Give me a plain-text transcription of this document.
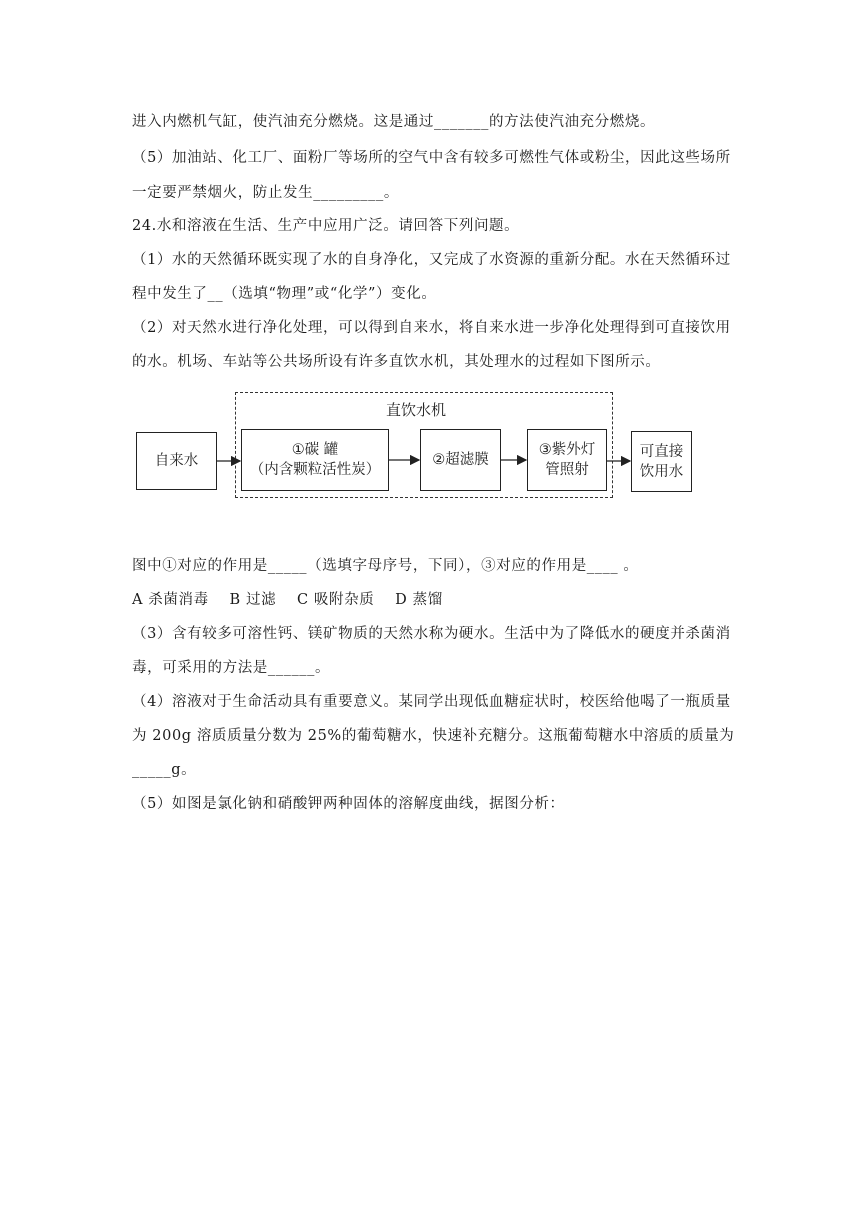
进入内燃机气缸，使汽油充分燃烧。这是通过_______的方法使汽油充分燃烧。
（5）加油站、化工厂、面粉厂等场所的空气中含有较多可燃性气体或粉尘，因此这些场所
一定要严禁烟火，防止发生_________。
24.水和溶液在生活、生产中应用广泛。请回答下列问题。
（1）水的天然循环既实现了水的自身净化，又完成了水资源的重新分配。水在天然循环过
程中发生了__（选填“物理”或“化学”）变化。
（2）对天然水进行净化处理，可以得到自来水，将自来水进一步净化处理得到可直接饮用
的水。机场、车站等公共场所设有许多直饮水机，其处理水的过程如下图所示。
直饮水机
自来水
①碳 罐
（内含颗粒活性炭）
②超滤膜
③紫外灯
管照射
可直接
饮用水
图中①对应的作用是_____（选填字母序号，下同），③对应的作用是____ 。
A 杀菌消毒    B 过滤    C 吸附杂质    D 蒸馏
（3）含有较多可溶性钙、镁矿物质的天然水称为硬水。生活中为了降低水的硬度并杀菌消
毒，可采用的方法是______。
（4）溶液对于生命活动具有重要意义。某同学出现低血糖症状时，校医给他喝了一瓶质量
为 200g 溶质质量分数为 25%的葡萄糖水，快速补充糖分。这瓶葡萄糖水中溶质的质量为
_____g。
（5）如图是氯化钠和硝酸钾两种固体的溶解度曲线，据图分析：
